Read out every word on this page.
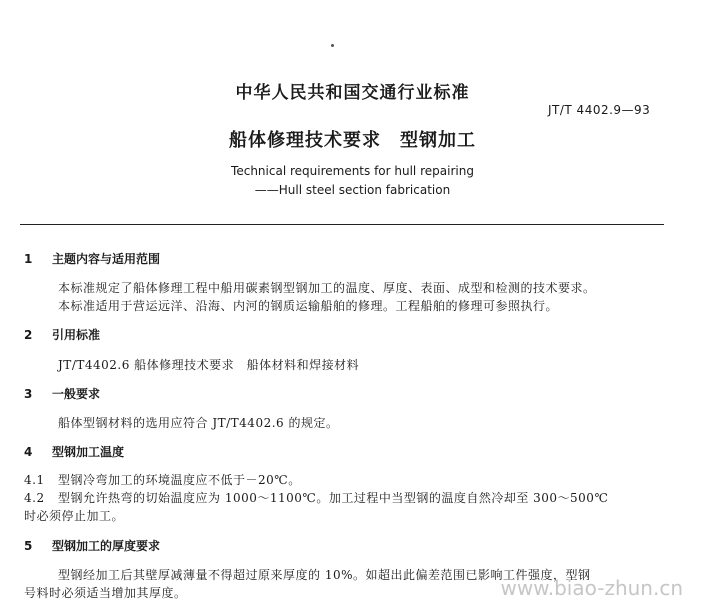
中华人民共和国交通行业标准
JT/T 4402.9—93
船体修理技术要求　型钢加工
Technical requirements for hull repairing
——Hull steel section fabrication
1 主题内容与适用范围
本标准规定了船体修理工程中船用碳素钢型钢加工的温度、厚度、表面、成型和检测的技术要求。
本标准适用于营运远洋、沿海、内河的钢质运输船舶的修理。工程船舶的修理可参照执行。
2 引用标准
JT/T4402.6 船体修理技术要求　船体材料和焊接材料
3 一般要求
船体型钢材料的选用应符合 JT/T4402.6 的规定。
4 型钢加工温度
4.1 型钢冷弯加工的环境温度应不低于－20℃。
4.2 型钢允许热弯的切始温度应为 1000～1100℃。加工过程中当型钢的温度自然冷却至 300～500℃
时必须停止加工。
5 型钢加工的厚度要求
型钢经加工后其壁厚减薄量不得超过原来厚度的 10%。如超出此偏差范围已影响工件强度，型钢
号料时必须适当增加其厚度。	www.biao-zhun.cn
